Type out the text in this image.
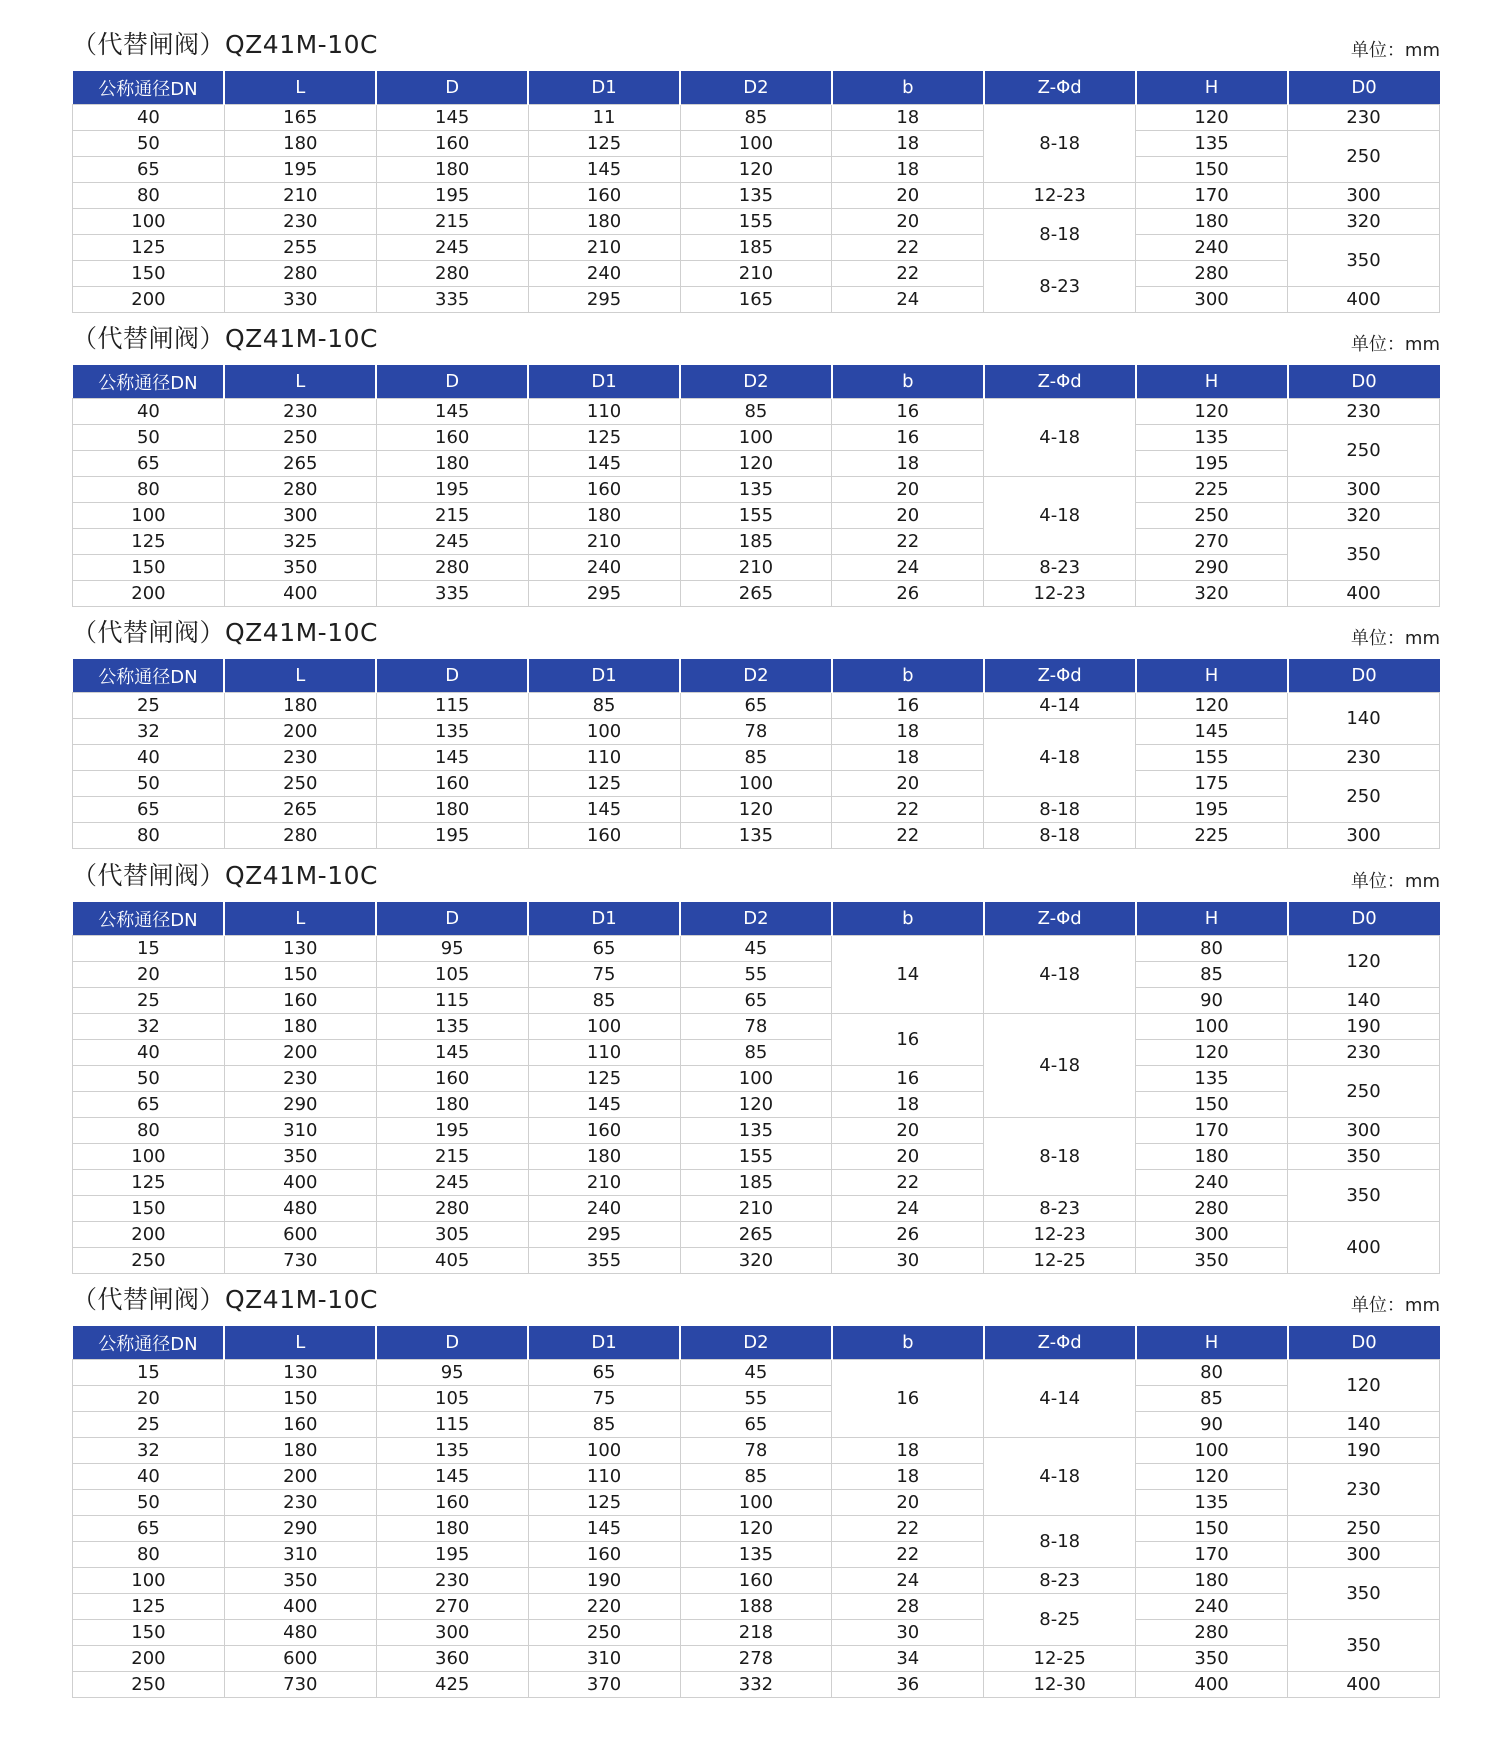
（代替闸阀）QZ41M-10C	单位：mm
公称通径DN	L	D	D1	D2	b	Z-Φd	H	D0
40	165	145	11	85	18	8-18	120	230
50	180	160	125	100	18		135	250
65	195	180	145	120	18		150	
80	210	195	160	135	20	12-23	170	300
100	230	215	180	155	20	8-18	180	320
125	255	245	210	185	22		240	350
150	280	280	240	210	22	8-23	280	
200	330	335	295	165	24		300	400
（代替闸阀）QZ41M-10C	单位：mm
公称通径DN	L	D	D1	D2	b	Z-Φd	H	D0
40	230	145	110	85	16	4-18	120	230
50	250	160	125	100	16		135	250
65	265	180	145	120	18		195	
80	280	195	160	135	20	4-18	225	300
100	300	215	180	155	20		250	320
125	325	245	210	185	22		270	350
150	350	280	240	210	24	8-23	290	
200	400	335	295	265	26	12-23	320	400
（代替闸阀）QZ41M-10C	单位：mm
公称通径DN	L	D	D1	D2	b	Z-Φd	H	D0
25	180	115	85	65	16	4-14	120	140
32	200	135	100	78	18	4-18	145	
40	230	145	110	85	18		155	230
50	250	160	125	100	20		175	250
65	265	180	145	120	22	8-18	195	
80	280	195	160	135	22	8-18	225	300
（代替闸阀）QZ41M-10C	单位：mm
公称通径DN	L	D	D1	D2	b	Z-Φd	H	D0
15	130	95	65	45	14	4-18	80	120
20	150	105	75	55			85	
25	160	115	85	65			90	140
32	180	135	100	78	16	4-18	100	190
40	200	145	110	85			120	230
50	230	160	125	100	16		135	250
65	290	180	145	120	18		150	
80	310	195	160	135	20	8-18	170	300
100	350	215	180	155	20		180	350
125	400	245	210	185	22		240	350
150	480	280	240	210	24	8-23	280	
200	600	305	295	265	26	12-23	300	400
250	730	405	355	320	30	12-25	350	
（代替闸阀）QZ41M-10C	单位：mm
公称通径DN	L	D	D1	D2	b	Z-Φd	H	D0
15	130	95	65	45	16	4-14	80	120
20	150	105	75	55			85	
25	160	115	85	65			90	140
32	180	135	100	78	18	4-18	100	190
40	200	145	110	85	18		120	230
50	230	160	125	100	20		135	
65	290	180	145	120	22	8-18	150	250
80	310	195	160	135	22		170	300
100	350	230	190	160	24	8-23	180	350
125	400	270	220	188	28	8-25	240	
150	480	300	250	218	30		280	350
200	600	360	310	278	34	12-25	350	
250	730	425	370	332	36	12-30	400	400
